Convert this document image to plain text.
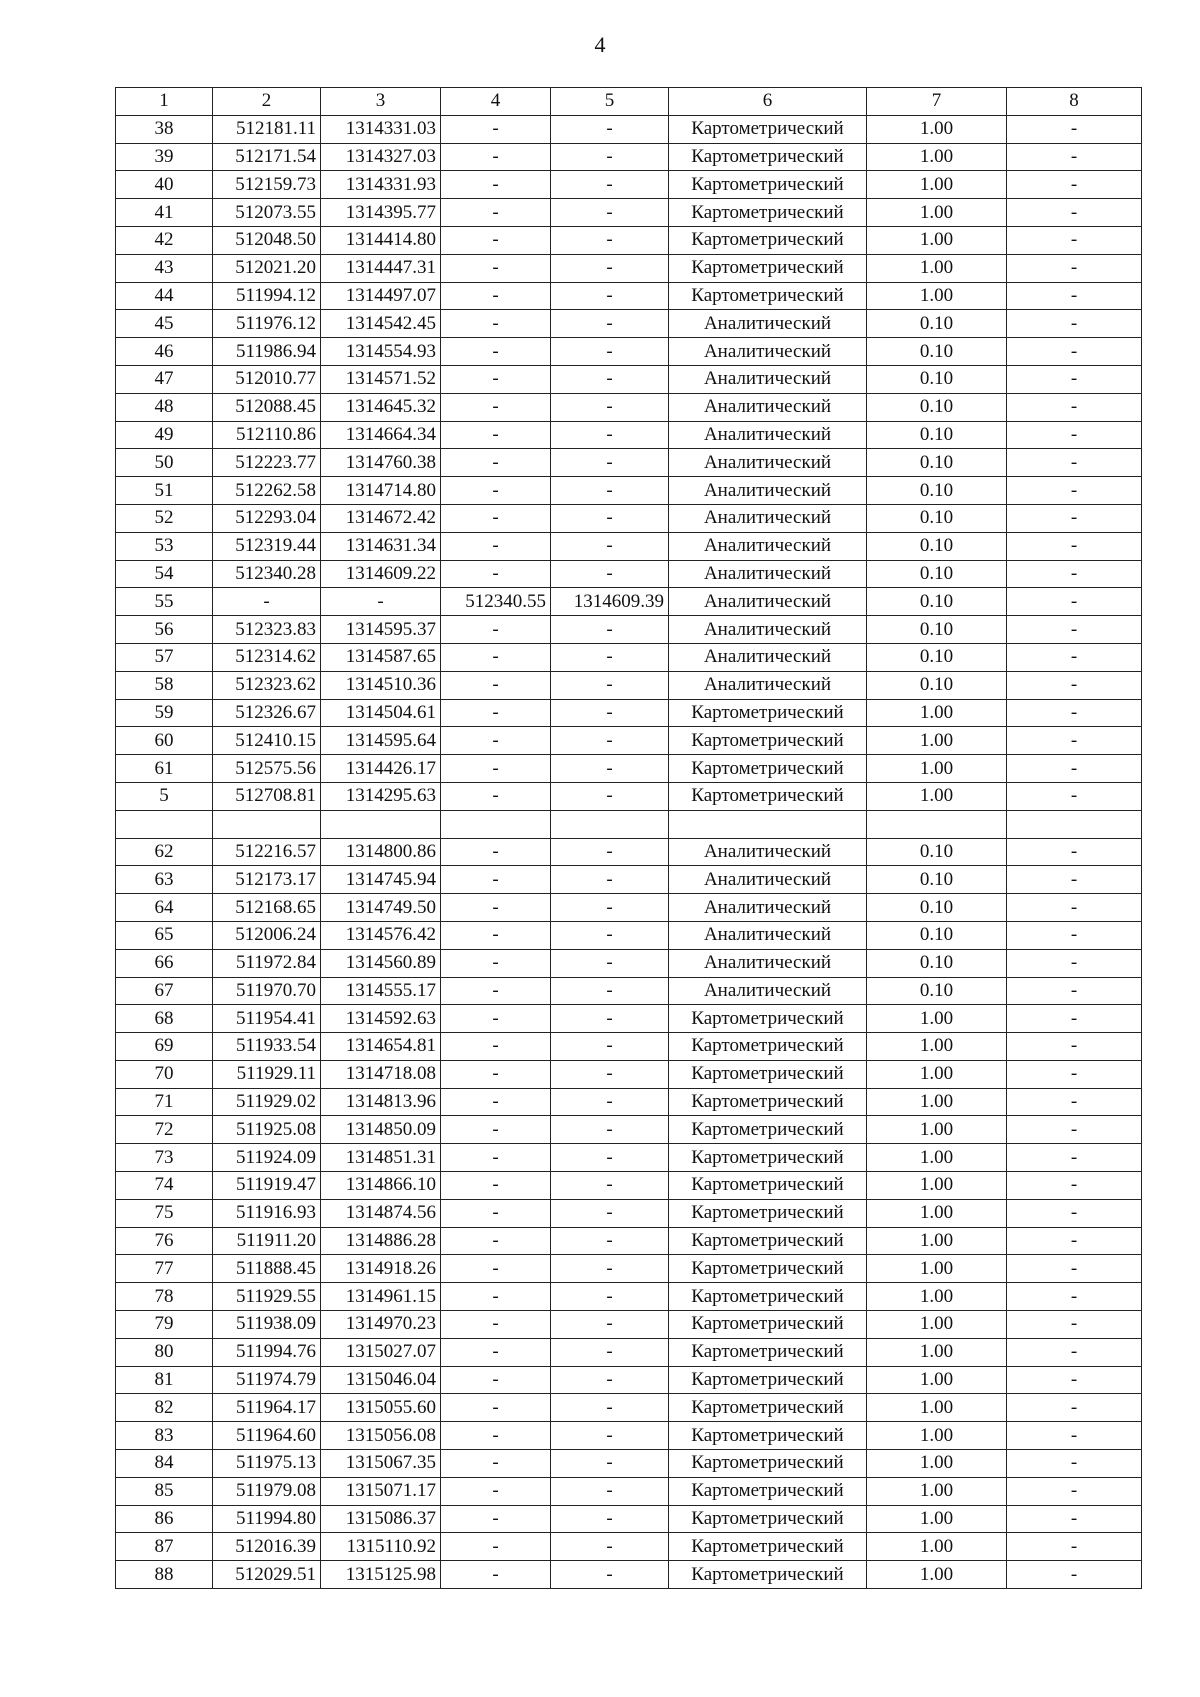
4
1	2	3	4	5	6	7	8
38	512181.11	1314331.03	-	-	Картометрический	1.00	-
39	512171.54	1314327.03	-	-	Картометрический	1.00	-
40	512159.73	1314331.93	-	-	Картометрический	1.00	-
41	512073.55	1314395.77	-	-	Картометрический	1.00	-
42	512048.50	1314414.80	-	-	Картометрический	1.00	-
43	512021.20	1314447.31	-	-	Картометрический	1.00	-
44	511994.12	1314497.07	-	-	Картометрический	1.00	-
45	511976.12	1314542.45	-	-	Аналитический	0.10	-
46	511986.94	1314554.93	-	-	Аналитический	0.10	-
47	512010.77	1314571.52	-	-	Аналитический	0.10	-
48	512088.45	1314645.32	-	-	Аналитический	0.10	-
49	512110.86	1314664.34	-	-	Аналитический	0.10	-
50	512223.77	1314760.38	-	-	Аналитический	0.10	-
51	512262.58	1314714.80	-	-	Аналитический	0.10	-
52	512293.04	1314672.42	-	-	Аналитический	0.10	-
53	512319.44	1314631.34	-	-	Аналитический	0.10	-
54	512340.28	1314609.22	-	-	Аналитический	0.10	-
55	-	-	512340.55	1314609.39	Аналитический	0.10	-
56	512323.83	1314595.37	-	-	Аналитический	0.10	-
57	512314.62	1314587.65	-	-	Аналитический	0.10	-
58	512323.62	1314510.36	-	-	Аналитический	0.10	-
59	512326.67	1314504.61	-	-	Картометрический	1.00	-
60	512410.15	1314595.64	-	-	Картометрический	1.00	-
61	512575.56	1314426.17	-	-	Картометрический	1.00	-
5	512708.81	1314295.63	-	-	Картометрический	1.00	-

62	512216.57	1314800.86	-	-	Аналитический	0.10	-
63	512173.17	1314745.94	-	-	Аналитический	0.10	-
64	512168.65	1314749.50	-	-	Аналитический	0.10	-
65	512006.24	1314576.42	-	-	Аналитический	0.10	-
66	511972.84	1314560.89	-	-	Аналитический	0.10	-
67	511970.70	1314555.17	-	-	Аналитический	0.10	-
68	511954.41	1314592.63	-	-	Картометрический	1.00	-
69	511933.54	1314654.81	-	-	Картометрический	1.00	-
70	511929.11	1314718.08	-	-	Картометрический	1.00	-
71	511929.02	1314813.96	-	-	Картометрический	1.00	-
72	511925.08	1314850.09	-	-	Картометрический	1.00	-
73	511924.09	1314851.31	-	-	Картометрический	1.00	-
74	511919.47	1314866.10	-	-	Картометрический	1.00	-
75	511916.93	1314874.56	-	-	Картометрический	1.00	-
76	511911.20	1314886.28	-	-	Картометрический	1.00	-
77	511888.45	1314918.26	-	-	Картометрический	1.00	-
78	511929.55	1314961.15	-	-	Картометрический	1.00	-
79	511938.09	1314970.23	-	-	Картометрический	1.00	-
80	511994.76	1315027.07	-	-	Картометрический	1.00	-
81	511974.79	1315046.04	-	-	Картометрический	1.00	-
82	511964.17	1315055.60	-	-	Картометрический	1.00	-
83	511964.60	1315056.08	-	-	Картометрический	1.00	-
84	511975.13	1315067.35	-	-	Картометрический	1.00	-
85	511979.08	1315071.17	-	-	Картометрический	1.00	-
86	511994.80	1315086.37	-	-	Картометрический	1.00	-
87	512016.39	1315110.92	-	-	Картометрический	1.00	-
88	512029.51	1315125.98	-	-	Картометрический	1.00	-
